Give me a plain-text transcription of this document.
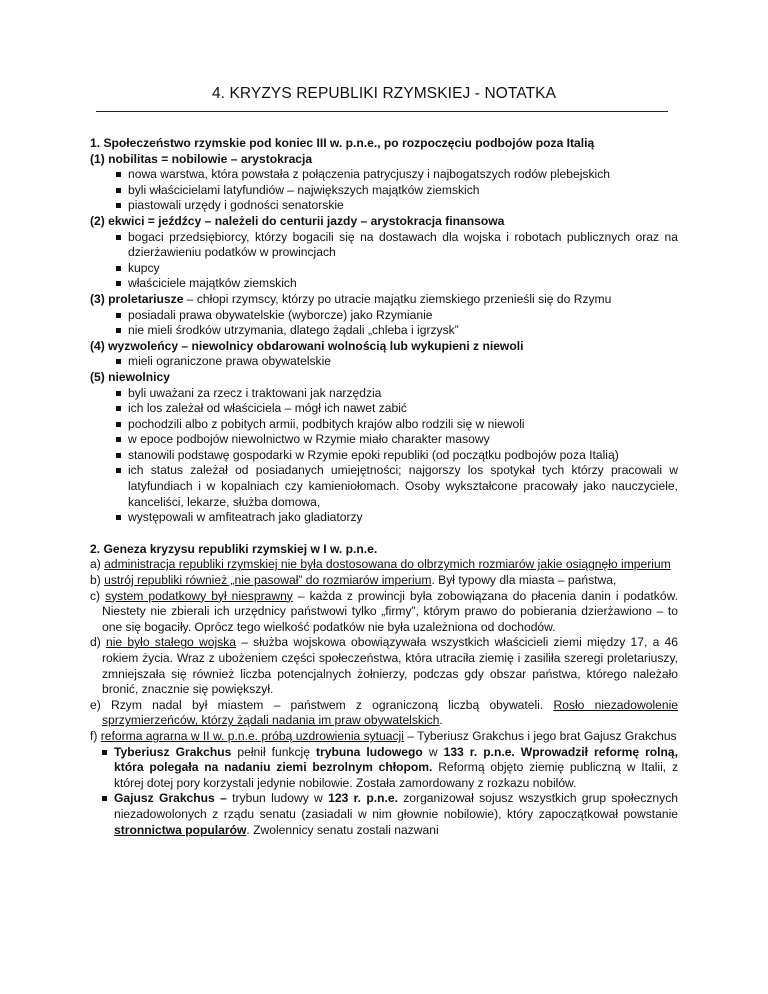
4. KRYZYS REPUBLIKI RZYMSKIEJ - NOTATKA

1. Społeczeństwo rzymskie pod koniec III w. p.n.e., po rozpoczęciu podbojów poza Italią

(1) nobilitas = nobilowie – arystokracja

nowa warstwa, która powstała z połączenia patrycjuszy i najbogatszych rodów plebejskich
byli właścicielami latyfundiów – największych majątków ziemskich
piastowali urzędy i godności senatorskie

(2) ekwici = jeźdźcy – należeli do centurii jazdy – arystokracja finansowa

bogaci przedsiębiorcy, którzy bogacili się na dostawach dla wojska i robotach publicznych oraz na dzierżawieniu podatków w prowincjach
kupcy
właściciele majątków ziemskich

(3) proletariusze – chłopi rzymscy, którzy po utracie majątku ziemskiego przenieśli się do Rzymu

posiadali prawa obywatelskie (wyborcze) jako Rzymianie
nie mieli środków utrzymania, dlatego żądali „chleba i igrzysk”

(4) wyzwoleńcy – niewolnicy obdarowani wolnością lub wykupieni z niewoli

mieli ograniczone prawa obywatelskie

(5) niewolnicy

byli uważani za rzecz i traktowani jak narzędzia
ich los zależał od właściciela – mógł ich nawet zabić
pochodzili albo z pobitych armii, podbitych krajów albo rodzili się w niewoli
w epoce podbojów niewolnictwo w Rzymie miało charakter masowy
stanowili podstawę gospodarki w Rzymie epoki republiki (od początku podbojów poza Italią)
ich status zależał od posiadanych umiejętności; najgorszy los spotykał tych którzy pracowali w latyfundiach i w kopalniach czy kamieniołomach. Osoby wykształcone pracowały jako nauczyciele, kanceliści, lekarze, służba domowa,
występowali w amfiteatrach jako gladiatorzy

2. Geneza kryzysu republiki rzymskiej w I w. p.n.e.

a) administracja republiki rzymskiej nie była dostosowana do olbrzymich rozmiarów jakie osiągnęło imperium

b) ustrój republiki również „nie pasował” do rozmiarów imperium. Był typowy dla miasta – państwa,

c) system podatkowy był niesprawny – każda z prowincji była zobowiązana do płacenia danin i podatków. Niestety nie zbierali ich urzędnicy państwowi tylko „firmy”, którym prawo do pobierania dzierżawiono – to one się bogaciły. Oprócz tego wielkość podatków nie była uzależniona od dochodów.

d) nie było stałego wojska – służba wojskowa obowiązywała wszystkich właścicieli ziemi między 17, a 46 rokiem życia. Wraz z ubożeniem części społeczeństwa, która utraciła ziemię i zasiliła szeregi proletariuszy, zmniejszała się również liczba potencjalnych żołnierzy, podczas gdy obszar państwa, którego należało bronić, znacznie się powiększył.

e) Rzym nadal był miastem – państwem z ograniczoną liczbą obywateli. Rosło niezadowolenie sprzymierzeńców, którzy żądali nadania im praw obywatelskich.

f) reforma agrarna w II w. p.n.e. próbą uzdrowienia sytuacji – Tyberiusz Grakchus i jego brat Gajusz Grakchus

Tyberiusz Grakchus pełnił funkcję trybuna ludowego w 133 r. p.n.e. Wprowadził reformę rolną, która polegała na nadaniu ziemi bezrolnym chłopom. Reformą objęto ziemię publiczną w Italii, z której dotej pory korzystali jedynie nobilowie. Została zamordowany z rozkazu nobilów.
Gajusz Grakchus – trybun ludowy w 123 r. p.n.e. zorganizował sojusz wszystkich grup społecznych niezadowolonych z rządu senatu (zasiadali w nim głownie nobilowie), który zapoczątkował powstanie stronnictwa popularów. Zwolennicy senatu zostali nazwani
